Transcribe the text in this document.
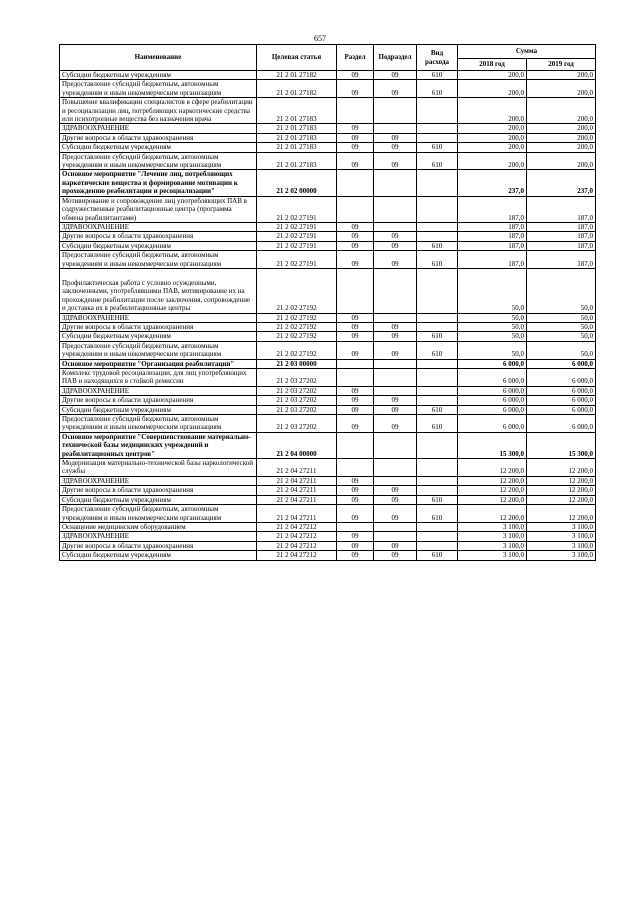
657
Наименование	Целевая статья	Раздел	Подраздел	Вид расхода	Сумма	
					2018 год	2019 год
Субсидии бюджетным учреждениям	21 2 01 27182	09	09	610	200,0	200,0
Предоставление субсидий бюджетным, автономным учреждениям и иным некоммерческим организациям	21 2 01 27182	09	09	610	200,0	200,0
Повышение квалификации специалистов в сфере реабилитации и ресоциализации лиц, потребляющих наркотические средства или психотропные вещества без назначения врача	21 2 01 27183				200,0	200,0
ЗДРАВООХРАНЕНИЕ	21 2 01 27183	09			200,0	200,0
Другие вопросы в области здравоохранения	21 2 01 27183	09	09		200,0	200,0
Субсидии бюджетным учреждениям	21 2 01 27183	09	09	610	200,0	200,0
Предоставление субсидий бюджетным, автономным учреждениям и иным некоммерческим организациям	21 2 01 27183	09	09	610	200,0	200,0
Основное мероприятие "Лечение лиц, потребляющих наркотические вещества и формирование мотивации к прохождению реабилитации и ресоциализации"	21 2 02 00000				237,0	237,0
Мотивирование и сопровождение лиц употребляющих ПАВ в содружественные реабилитационные центра (программа обмена реабилитантами)	21 2 02 27191				187,0	187,0
ЗДРАВООХРАНЕНИЕ	21 2 02 27191	09			187,0	187,0
Другие вопросы в области здравоохранения	21 2 02 27191	09	09		187,0	187,0
Субсидии бюджетным учреждениям	21 2 02 27191	09	09	610	187,0	187,0
Предоставление субсидий бюджетным, автономным учреждениям и иным некоммерческим организациям	21 2 02 27191	09	09	610	187,0	187,0
Профилактическая работа с условно осужденными, заключенными, употреблявшими ПАВ, мотивирование их на прохождение реабилитации после заключения, сопровождение и доставка их в реабилитационные центры	21 2 02 27192				50,0	50,0
ЗДРАВООХРАНЕНИЕ	21 2 02 27192	09			50,0	50,0
Другие вопросы в области здравоохранения	21 2 02 27192	09	09		50,0	50,0
Субсидии бюджетным учреждениям	21 2 02 27192	09	09	610	50,0	50,0
Предоставление субсидий бюджетным, автономным учреждениям и иным некоммерческим организациям	21 2 02 27192	09	09	610	50,0	50,0
Основное мероприятие "Организация реабилитации"	21 2 03 00000				6 000,0	6 000,0
Комплекс трудовой ресоциализации, для лиц употребляющих ПАВ и находящихся в стойкой ремиссии	21 2 03 27202				6 000,0	6 000,0
ЗДРАВООХРАНЕНИЕ	21 2 03 27202	09			6 000,0	6 000,0
Другие вопросы в области здравоохранения	21 2 03 27202	09	09		6 000,0	6 000,0
Субсидии бюджетным учреждениям	21 2 03 27202	09	09	610	6 000,0	6 000,0
Предоставление субсидий бюджетным, автономным учреждениям и иным некоммерческим организациям	21 2 03 27202	09	09	610	6 000,0	6 000,0
Основное мероприятие "Совершенствование материально-технической базы медицинских учреждений и реабилитационных центров"	21 2 04 00000				15 300,0	15 300,0
Модернизация материально-технической базы наркологической службы	21 2 04 27211				12 200,0	12 200,0
ЗДРАВООХРАНЕНИЕ	21 2 04 27211	09			12 200,0	12 200,0
Другие вопросы в области здравоохранения	21 2 04 27211	09	09		12 200,0	12 200,0
Субсидии бюджетным учреждениям	21 2 04 27211	09	09	610	12 200,0	12 200,0
Предоставление субсидий бюджетным, автономным учреждениям и иным некоммерческим организациям	21 2 04 27211	09	09	610	12 200,0	12 200,0
Оснащение медицинским оборудованием	21 2 04 27212				3 100,0	3 100,0
ЗДРАВООХРАНЕНИЕ	21 2 04 27212	09			3 100,0	3 100,0
Другие вопросы в области здравоохранения	21 2 04 27212	09	09		3 100,0	3 100,0
Субсидии бюджетным учреждениям	21 2 04 27212	09	09	610	3 100,0	3 100,0
